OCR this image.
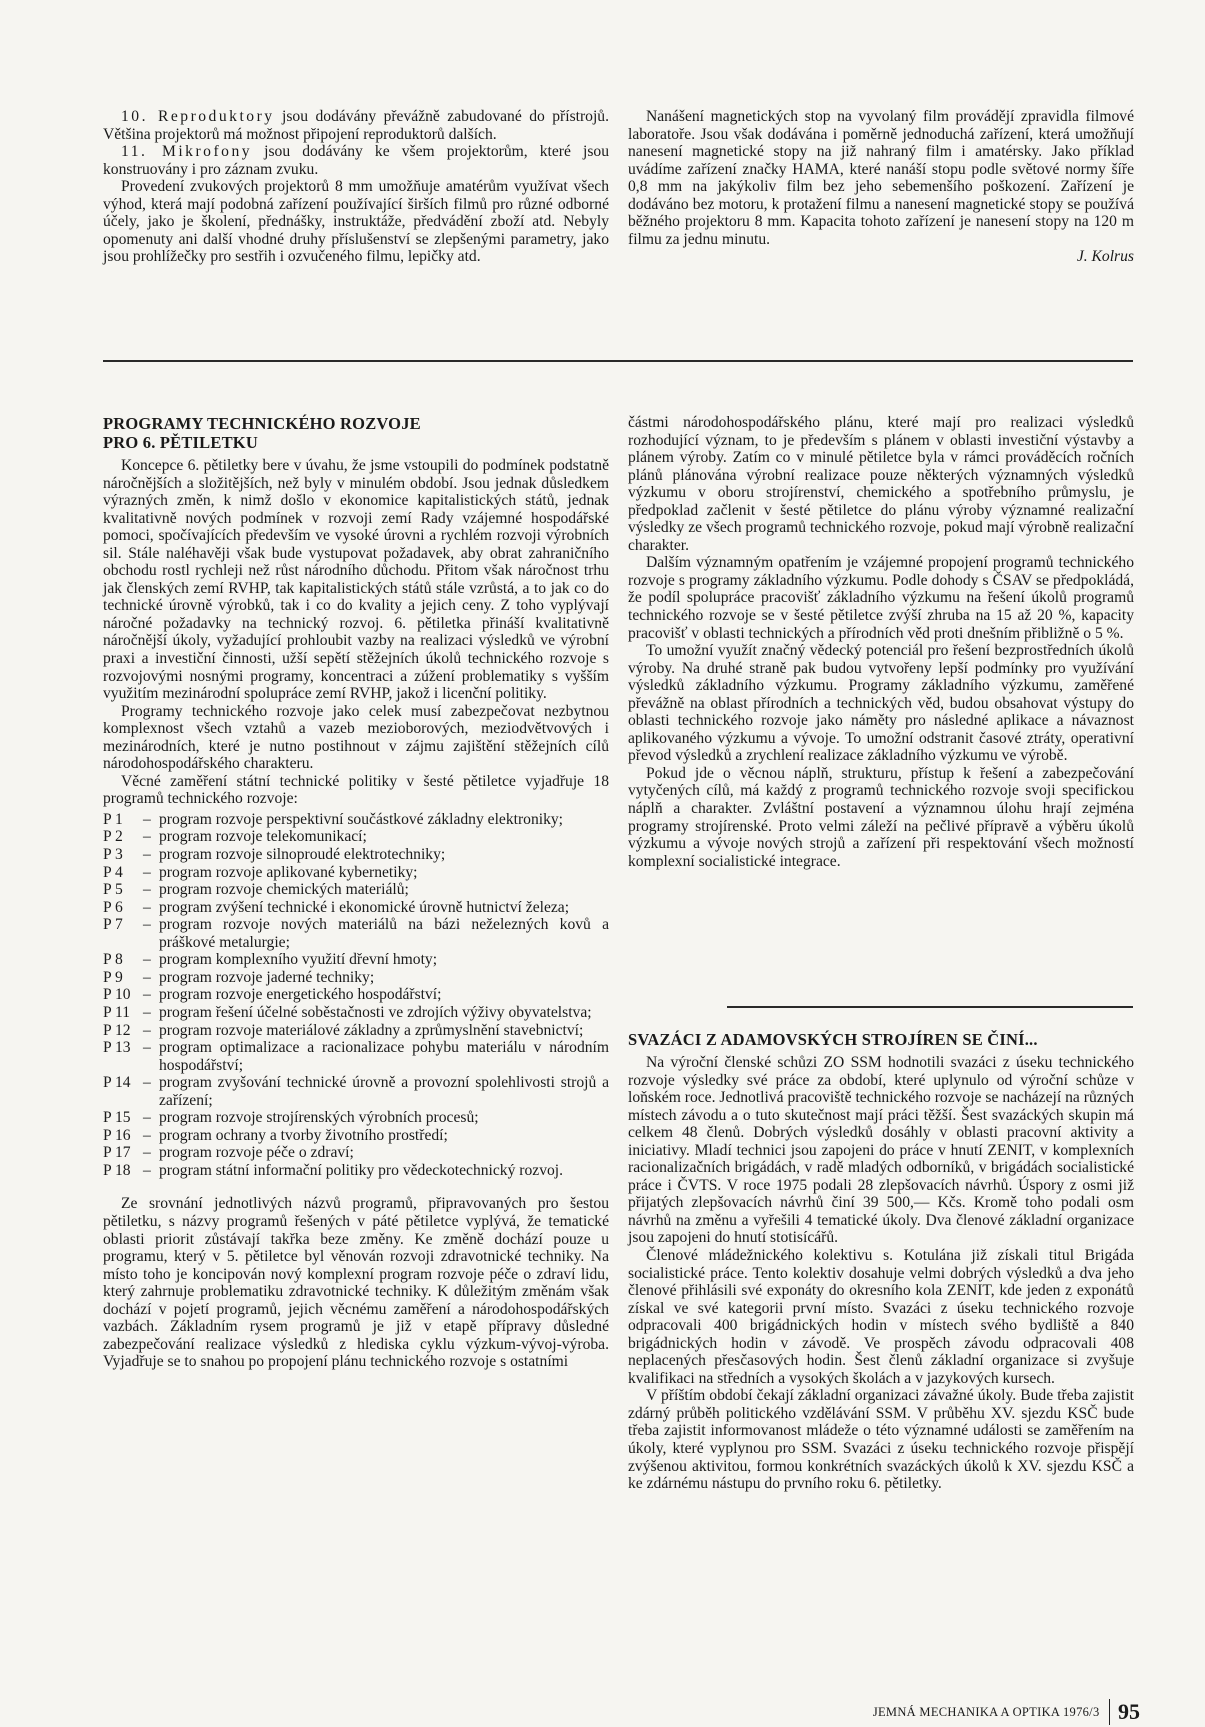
10. Reproduktory jsou dodávány převážně zabudované do přístrojů. Většina projektorů má možnost připojení reproduktorů dalších.

11. Mikrofony jsou dodávány ke všem projektorům, které jsou konstruovány i pro záznam zvuku.

Provedení zvukových projektorů 8 mm umožňuje amatérům využívat všech výhod, která mají podobná zařízení používající širších filmů pro různé odborné účely, jako je školení, přednášky, instruktáže, předvádění zboží atd. Nebyly opomenuty ani další vhodné druhy příslušenství se zlepšenými parametry, jako jsou prohlížečky pro sestřih i ozvučeného filmu, lepičky atd.

Nanášení magnetických stop na vyvolaný film provádějí zpravidla filmové laboratoře. Jsou však dodávána i poměrně jednoduchá zařízení, která umožňují nanesení magnetické stopy na již nahraný film i amatérsky. Jako příklad uvádíme zařízení značky HAMA, které nanáší stopu podle světové normy šíře 0,8 mm na jakýkoliv film bez jeho sebemenšího poškození. Zařízení je dodáváno bez motoru, k protažení filmu a nanesení magnetické stopy se používá běžného projektoru 8 mm. Kapacita tohoto zařízení je nanesení stopy na 120 m filmu za jednu minutu.

J. Kolrus

PROGRAMY TECHNICKÉHO ROZVOJE
PRO 6. PĚTILETKU

Koncepce 6. pětiletky bere v úvahu, že jsme vstoupili do podmínek podstatně náročnějších a složitějších, než byly v minulém období. Jsou jednak důsledkem výrazných změn, k nimž došlo v ekonomice kapitalistických států, jednak kvalitativně nových podmínek v rozvoji zemí Rady vzájemné hospodářské pomoci, spočívajících především ve vysoké úrovni a rychlém rozvoji výrobních sil. Stále naléhavěji však bude vystupovat požadavek, aby obrat zahraničního obchodu rostl rychleji než růst národního důchodu. Přitom však náročnost trhu jak členských zemí RVHP, tak kapitalistických států stále vzrůstá, a to jak co do technické úrovně výrobků, tak i co do kvality a jejich ceny. Z toho vyplývají náročné požadavky na technický rozvoj. 6. pětiletka přináší kvalitativně náročnější úkoly, vyžadující prohloubit vazby na realizaci výsledků ve výrobní praxi a investiční činnosti, užší sepětí stěžejních úkolů technického rozvoje s rozvojovými nosnými programy, koncentraci a zúžení problematiky s vyšším využitím mezinárodní spolupráce zemí RVHP, jakož i licenční politiky.

Programy technického rozvoje jako celek musí zabezpečovat nezbytnou komplexnost všech vztahů a vazeb mezioborových, meziodvětvových i mezinárodních, které je nutno postihnout v zájmu zajištění stěžejních cílů národohospodářského charakteru.

Věcné zaměření státní technické politiky v šesté pětiletce vyjadřuje 18 programů technického rozvoje:

P 1	– program rozvoje perspektivní součástkové základny elektroniky;
P 2	– program rozvoje telekomunikací;
P 3	– program rozvoje silnoproudé elektrotechniky;
P 4	– program rozvoje aplikované kybernetiky;
P 5	– program rozvoje chemických materiálů;
P 6	– program zvýšení technické i ekonomické úrovně hutnictví železa;
P 7	– program rozvoje nových materiálů na bázi neželezných kovů a práškové metalurgie;
P 8	– program komplexního využití dřevní hmoty;
P 9	– program rozvoje jaderné techniky;
P 10 – program rozvoje energetického hospodářství;
P 11 – program řešení účelné soběstačnosti ve zdrojích výživy obyvatelstva;
P 12 – program rozvoje materiálové základny a zprůmyslnění stavebnictví;
P 13 – program optimalizace a racionalizace pohybu materiálu v národním hospodářství;
P 14 – program zvyšování technické úrovně a provozní spolehlivosti strojů a zařízení;
P 15 – program rozvoje strojírenských výrobních procesů;
P 16 – program ochrany a tvorby životního prostředí;
P 17 – program rozvoje péče o zdraví;
P 18 – program státní informační politiky pro vědeckotechnický rozvoj.

Ze srovnání jednotlivých názvů programů, připravovaných pro šestou pětiletku, s názvy programů řešených v páté pětiletce vyplývá, že tematické oblasti priorit zůstávají takřka beze změny. Ke změně dochází pouze u programu, který v 5. pětiletce byl věnován rozvoji zdravotnické techniky. Na místo toho je koncipován nový komplexní program rozvoje péče o zdraví lidu, který zahrnuje problematiku zdravotnické techniky. K důležitým změnám však dochází v pojetí programů, jejich věcnému zaměření a národohospodářských vazbách. Základním rysem programů je již v etapě přípravy důsledné zabezpečování realizace výsledků z hlediska cyklu výzkum-vývoj-výroba. Vyjadřuje se to snahou po propojení plánu technického rozvoje s ostatními

částmi národohospodářského plánu, které mají pro realizaci výsledků rozhodující význam, to je především s plánem v oblasti investiční výstavby a plánem výroby. Zatím co v minulé pětiletce byla v rámci prováděcích ročních plánů plánována výrobní realizace pouze některých významných výsledků výzkumu v oboru strojírenství, chemického a spotřebního průmyslu, je předpoklad začlenit v šesté pětiletce do plánu výroby významné realizační výsledky ze všech programů technického rozvoje, pokud mají výrobně realizační charakter.

Dalším významným opatřením je vzájemné propojení programů technického rozvoje s programy základního výzkumu. Podle dohody s ČSAV se předpokládá, že podíl spolupráce pracovišť základního výzkumu na řešení úkolů programů technického rozvoje se v šesté pětiletce zvýší zhruba na 15 až 20 %, kapacity pracovišť v oblasti technických a přírodních věd proti dnešním přibližně o 5 %.

To umožní využít značný vědecký potenciál pro řešení bezprostředních úkolů výroby. Na druhé straně pak budou vytvořeny lepší podmínky pro využívání výsledků základního výzkumu. Programy základního výzkumu, zaměřené převážně na oblast přírodních a technických věd, budou obsahovat výstupy do oblasti technického rozvoje jako náměty pro následné aplikace a návaznost aplikovaného výzkumu a vývoje. To umožní odstranit časové ztráty, operativní převod výsledků a zrychlení realizace základního výzkumu ve výrobě.

Pokud jde o věcnou náplň, strukturu, přístup k řešení a zabezpečování vytyčených cílů, má každý z programů technického rozvoje svoji specifickou náplň a charakter. Zvláštní postavení a významnou úlohu hrají zejména programy strojírenské. Proto velmi záleží na pečlivé přípravě a výběru úkolů výzkumu a vývoje nových strojů a zařízení při respektování všech možností komplexní socialistické integrace.

SVAZÁCI Z ADAMOVSKÝCH STROJÍREN SE ČINÍ...

Na výroční členské schůzi ZO SSM hodnotili svazáci z úseku technického rozvoje výsledky své práce za období, které uplynulo od výroční schůze v loňském roce. Jednotlivá pracoviště technického rozvoje se nacházejí na různých místech závodu a o tuto skutečnost mají práci těžší. Šest svazáckých skupin má celkem 48 členů. Dobrých výsledků dosáhly v oblasti pracovní aktivity a iniciativy. Mladí technici jsou zapojeni do práce v hnutí ZENIT, v komplexních racionalizačních brigádách, v radě mladých odborníků, v brigádách socialistické práce i ČVTS. V roce 1975 podali 28 zlepšovacích návrhů. Úspory z osmi již přijatých zlepšovacích návrhů činí 39 500,— Kčs. Kromě toho podali osm návrhů na změnu a vyřešili 4 tematické úkoly. Dva členové základní organizace jsou zapojeni do hnutí stotisícářů.

Členové mládežnického kolektivu s. Kotulána již získali titul Brigáda socialistické práce. Tento kolektiv dosahuje velmi dobrých výsledků a dva jeho členové přihlásili své exponáty do okresního kola ZENIT, kde jeden z exponátů získal ve své kategorii první místo. Svazáci z úseku technického rozvoje odpracovali 400 brigádnických hodin v místech svého bydliště a 840 brigádnických hodin v závodě. Ve prospěch závodu odpracovali 408 neplacených přesčasových hodin. Šest členů základní organizace si zvyšuje kvalifikaci na středních a vysokých školách a v jazykových kursech.

V příštím období čekají základní organizaci závažné úkoly. Bude třeba zajistit zdárný průběh politického vzdělávání SSM. V průběhu XV. sjezdu KSČ bude třeba zajistit informovanost mládeže o této významné události se zaměřením na úkoly, které vyplynou pro SSM. Svazáci z úseku technického rozvoje přispějí zvýšenou aktivitou, formou konkrétních svazáckých úkolů k XV. sjezdu KSČ a ke zdárnému nástupu do prvního roku 6. pětiletky.

JEMNÁ MECHANIKA A OPTIKA 1976/3 95
